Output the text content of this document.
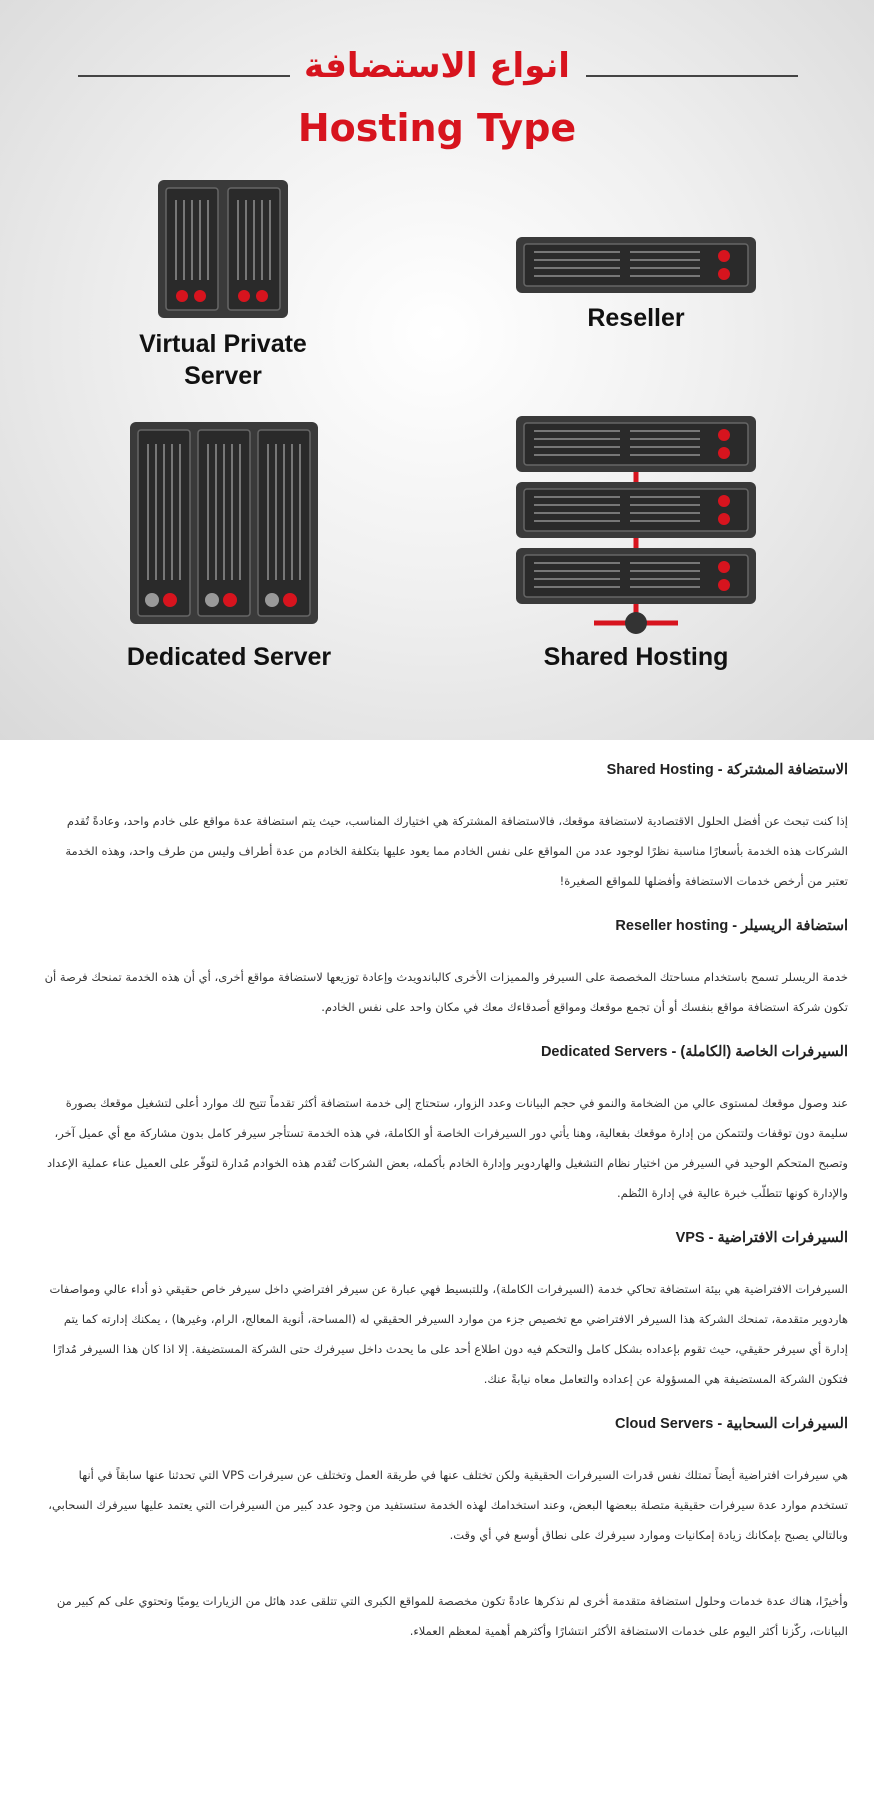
انواع الاستضافة
Hosting Type
Virtual Private
Server
Reseller
Dedicated Server	Shared Hosting
الاستضافة المشتركة - Shared Hosting

إذا كنت تبحث عن أفضل الحلول الاقتصادية لاستضافة موقعك، فالاستضافة المشتركة هي اختيارك المناسب، حيث يتم استضافة عدة مواقع على خادم واحد، وعادةً تُقدم الشركات هذه الخدمة بأسعارًا مناسبة نظرًا لوجود عدد من المواقع على نفس الخادم مما يعود عليها بتكلفة الخادم من عدة أطراف وليس من طرف واحد، وهذه الخدمة تعتبر من أرخص خدمات الاستضافة وأفضلها للمواقع الصغيرة!

استضافة الريسيلر - Reseller hosting

خدمة الريسلر تسمح باستخدام مساحتك المخصصة على السيرفر والمميزات الأخرى كالباندويدث وإعادة توزيعها لاستضافة مواقع أخرى، أي أن هذه الخدمة تمنحك فرصة أن تكون شركة استضافة مواقع بنفسك أو أن تجمع موقعك ومواقع أصدقاءك معك في مكان واحد على نفس الخادم.

السيرفرات الخاصة (الكاملة) - Dedicated Servers

عند وصول موقعك لمستوى عالي من الضخامة والنمو في حجم البيانات وعدد الزوار، ستحتاج إلى خدمة استضافة أكثر تقدماً تتيح لك موارد أعلى لتشغيل موقعك بصورة سليمة دون توقفات ولتتمكن من إدارة موقعك بفعالية، وهنا يأتي دور السيرفرات الخاصة أو الكاملة، في هذه الخدمة تستأجر سيرفر كامل بدون مشاركة مع أي عميل آخر، وتصبح المتحكم الوحيد في السيرفر من اختيار نظام التشغيل والهاردوير وإدارة الخادم بأكمله، بعض الشركات تُقدم هذه الخوادم مُدارة لتوفّر على العميل عناء عملية الإعداد والإدارة كونها تتطلّب خبرة عالية في إدارة النُظم.

السيرفرات الافتراضية - VPS

السيرفرات الافتراضية هي بيئة استضافة تحاكي خدمة (السيرفرات الكاملة)، وللتبسيط فهي عبارة عن سيرفر افتراضي داخل سيرفر خاص حقيقي ذو أداء عالي ومواصفات هاردوير متقدمة، تمنحك الشركة هذا السيرفر الافتراضي مع تخصيص جزء من موارد السيرفر الحقيقي له (المساحة، أنوية المعالج، الرام، وغيرها) ، يمكنك إدارته كما يتم إدارة أي سيرفر حقيقي، حيث تقوم بإعداده بشكل كامل والتحكم فيه دون اطلاع أحد على ما يحدث داخل سيرفرك حتى الشركة المستضيفة. إلا اذا كان هذا السيرفر مُدارًا فتكون الشركة المستضيفة هي المسؤولة عن إعداده والتعامل معاه نيابةً عنك.

السيرفرات السحابية - Cloud Servers

هي سيرفرات افتراضية أيضاً تمتلك نفس قدرات السيرفرات الحقيقية ولكن تختلف عنها في طريقة العمل وتختلف عن سيرفرات VPS التي تحدثنا عنها سابقاً في أنها تستخدم موارد عدة سيرفرات حقيقية متصلة ببعضها البعض، وعند استخدامك لهذه الخدمة ستستفيد من وجود عدد كبير من السيرفرات التي يعتمد عليها سيرفرك السحابي، وبالتالي يصبح بإمكانك زيادة إمكانيات وموارد سيرفرك على نطاق أوسع في أي وقت.

وأخيرًا، هناك عدة خدمات وحلول استضافة متقدمة أخرى لم نذكرها عادةً تكون مخصصة للمواقع الكبرى التي تتلقى عدد هائل من الزيارات يوميًا وتحتوي على كم كبير من البيانات، ركّزنا أكثر اليوم على خدمات الاستضافة الأكثر انتشارًا وأكثرهم أهمية لمعظم العملاء.
